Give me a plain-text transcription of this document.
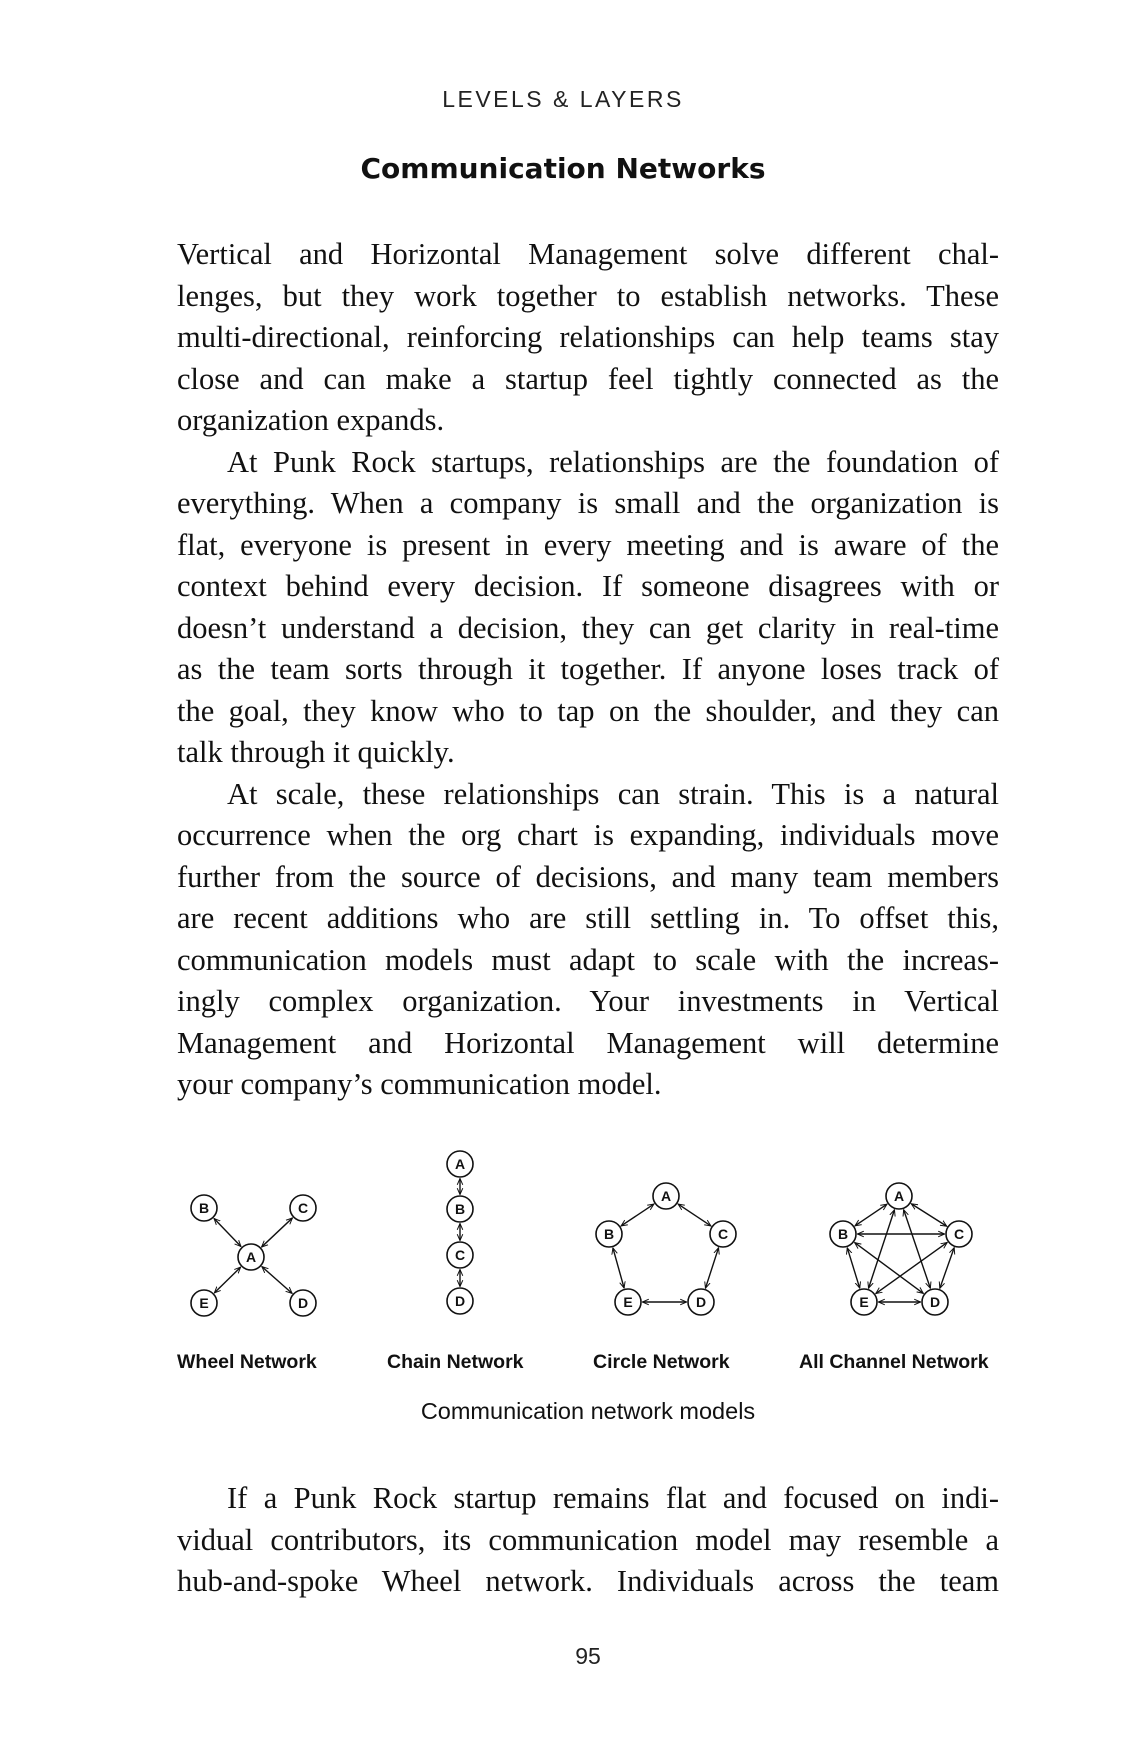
LEVELS & LAYERS
Communication Networks
Vertical and Horizontal Management solve different chal-
lenges, but they work together to establish networks. These
multi-directional, reinforcing relationships can help teams stay
close and can make a startup feel tightly connected as the
organization expands.
At Punk Rock startups, relationships are the foundation of
everything. When a company is small and the organization is
flat, everyone is present in every meeting and is aware of the
context behind every decision. If someone disagrees with or
doesn’t understand a decision, they can get clarity in real-time
as the team sorts through it together. If anyone loses track of
the goal, they know who to tap on the shoulder, and they can
talk through it quickly.
At scale, these relationships can strain. This is a natural
occurrence when the org chart is expanding, individuals move
further from the source of decisions, and many team members
are recent additions who are still settling in. To offset this,
communication models must adapt to scale with the increas-
ingly complex organization. Your investments in Vertical
Management and Horizontal Management will determine
your company’s communication model.
A
B	C
D
E
A
B
C
D
A
B	C
D
E
A
B	C
D
E
Wheel Network	Chain Network	Circle Network	All Channel Network
Communication network models
If a Punk Rock startup remains flat and focused on indi-
vidual contributors, its communication model may resemble a
hub-and-spoke Wheel network. Individuals across the team
95
